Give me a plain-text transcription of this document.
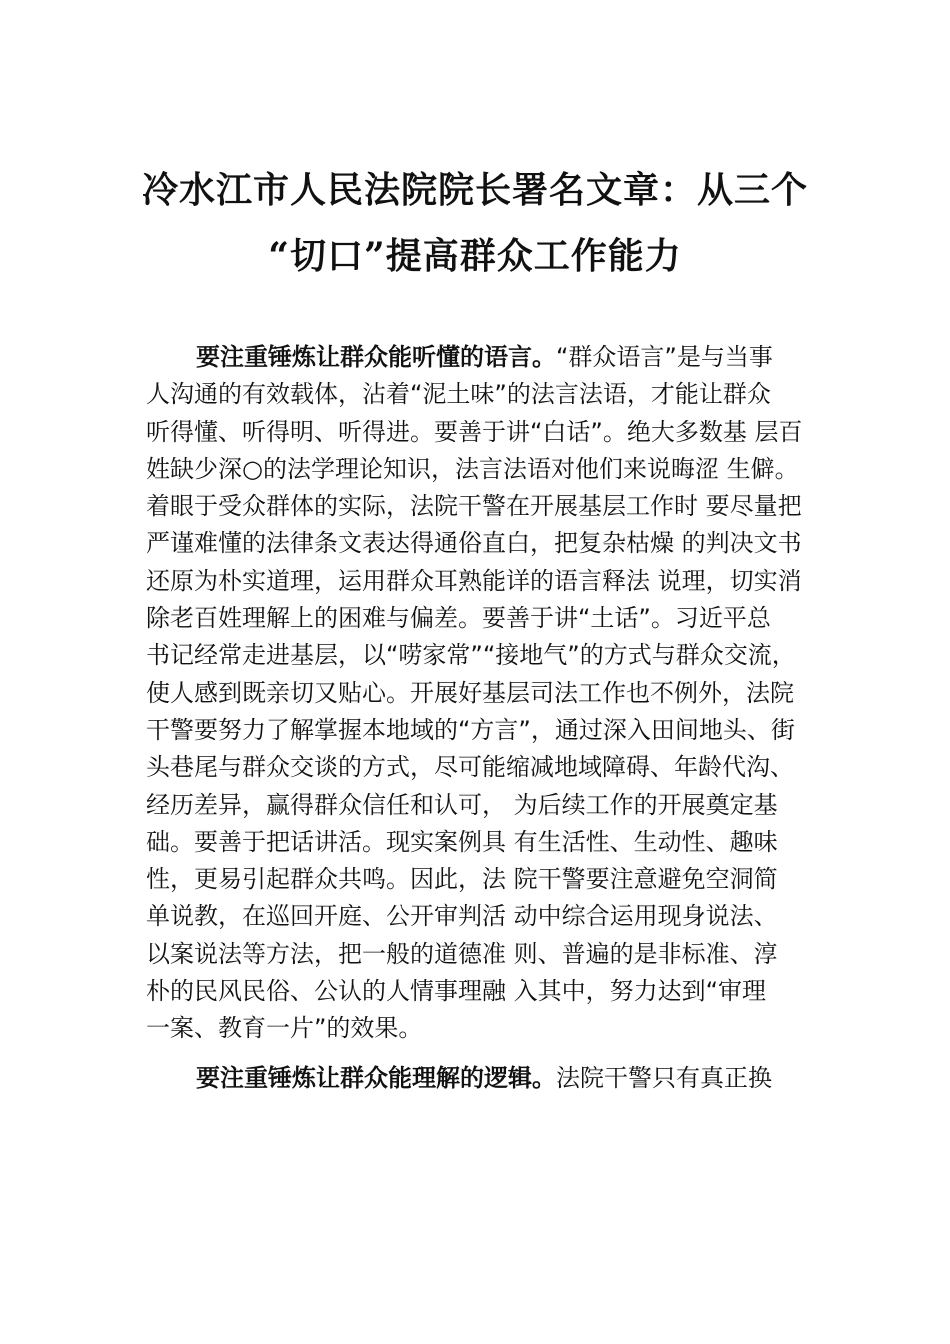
冷水江市人民法院院长署名文章：从三个
“切口”提高群众工作能力
要注重锤炼让群众能听懂的语言。“群众语言”是与当事
人沟通的有效载体，沾着“泥土味”的法言法语，才能让群众
听得懂、听得明、听得进。要善于讲“白话”。绝大多数基 层百
姓缺少深○的法学理论知识，法言法语对他们来说晦涩 生僻。
着眼于受众群体的实际，法院干警在开展基层工作时 要尽量把
严谨难懂的法律条文表达得通俗直白，把复杂枯燥 的判决文书
还原为朴实道理，运用群众耳熟能详的语言释法 说理，切实消
除老百姓理解上的困难与偏差。要善于讲“土话”。习近平总
书记经常走进基层，以“唠家常”“接地气”的方式与群众交流，
使人感到既亲切又贴心。开展好基层司法工作也不例外，法院
干警要努力了解掌握本地域的“方言”，通过深入田间地头、街
头巷尾与群众交谈的方式，尽可能缩减地域障碍、年龄代沟、
经历差异，赢得群众信任和认可， 为后续工作的开展奠定基
础。要善于把话讲活。现实案例具 有生活性、生动性、趣味
性，更易引起群众共鸣。因此，法 院干警要注意避免空洞简
单说教，在巡回开庭、公开审判活 动中综合运用现身说法、
以案说法等方法，把一般的道德准 则、普遍的是非标准、淳
朴的民风民俗、公认的人情事理融 入其中，努力达到“审理
一案、教育一片”的效果。
要注重锤炼让群众能理解的逻辑。法院干警只有真正换
